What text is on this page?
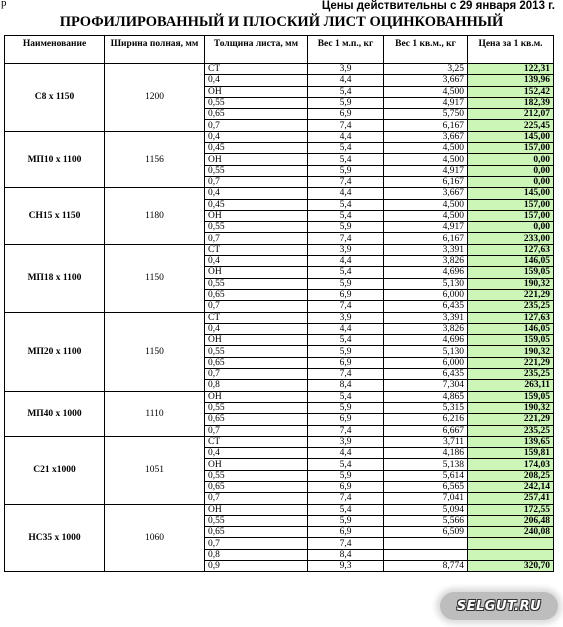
р	Цены действительны с 29 января 2013 г.
ПРОФИЛИРОВАННЫЙ И ПЛОСКИЙ ЛИСТ ОЦИНКОВАННЫЙ
Наименование	Ширина полная, мм	Толщина листа, мм	Вес 1 м.п., кг	Вес 1 кв.м., кг	Цена за 1 кв.м.
С8 х 1150	1200	СТ	3,9	3,25	122,31
		0,4	4,4	3,667	139,96
		ОН	5,4	4,500	152,42
		0,55	5,9	4,917	182,39
		0,65	6,9	5,750	212,07
		0,7	7,4	6,167	225,45
МП10 х 1100	1156	0,4	4,4	3,667	145,00
		0,45	5,4	4,500	157,00
		ОН	5,4	4,500	0,00
		0,55	5,9	4,917	0,00
		0,7	7,4	6,167	0,00
СН15 х 1150	1180	0,4	4,4	3,667	145,00
		0,45	5,4	4,500	157,00
		ОН	5,4	4,500	157,00
		0,55	5,9	4,917	0,00
		0,7	7,4	6,167	233,00
МП18 х 1100	1150	СТ	3,9	3,391	127,63
		0,4	4,4	3,826	146,05
		ОН	5,4	4,696	159,05
		0,55	5,9	5,130	190,32
		0,65	6,9	6,000	221,29
		0,7	7,4	6,435	235,25
МП20 х 1100	1150	СТ	3,9	3,391	127,63
		0,4	4,4	3,826	146,05
		ОН	5,4	4,696	159,05
		0,55	5,9	5,130	190,32
		0,65	6,9	6,000	221,29
		0,7	7,4	6,435	235,25
		0,8	8,4	7,304	263,11
МП40 х 1000	1110	ОН	5,4	4,865	159,05
		0,55	5,9	5,315	190,32
		0,65	6,9	6,216	221,29
		0,7	7,4	6,667	235,25
С21 х1000	1051	СТ	3,9	3,711	139,65
		0,4	4,4	4,186	159,81
		ОН	5,4	5,138	174,03
		0,55	5,9	5,614	208,25
		0,65	6,9	6,565	242,14
		0,7	7,4	7,041	257,41
НС35 х 1000	1060	ОН	5,4	5,094	172,55
		0,55	5,9	5,566	206,48
		0,65	6,9	6,509	240,08
		0,7	7,4		
		0,8	8,4		
		0,9	9,3	8,774	320,70
SELGUT.RU
